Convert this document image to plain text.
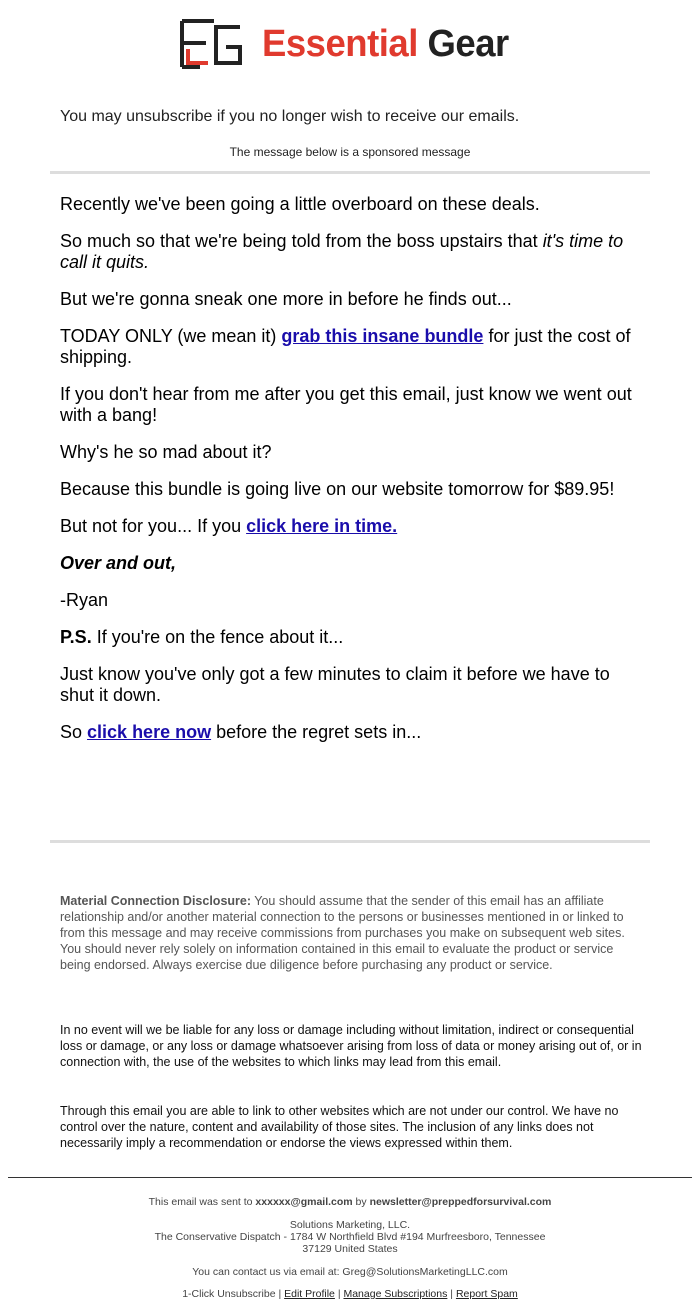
Essential Gear

You may unsubscribe if you no longer wish to receive our emails.

The message below is a sponsored message

Recently we've been going a little overboard on these deals.

So much so that we're being told from the boss upstairs that it's time to call it quits.

But we're gonna sneak one more in before he finds out...

TODAY ONLY (we mean it) grab this insane bundle for just the cost of shipping.

If you don't hear from me after you get this email, just know we went out with a bang!

Why's he so mad about it?

Because this bundle is going live on our website tomorrow for $89.95!

But not for you... If you click here in time.

Over and out,

-Ryan

P.S. If you're on the fence about it...

Just know you've only got a few minutes to claim it before we have to shut it down.

So click here now before the regret sets in...

Material Connection Disclosure: You should assume that the sender of this email has an affiliate relationship and/or another material connection to the persons or businesses mentioned in or linked to from this message and may receive commissions from purchases you make on subsequent web sites. You should never rely solely on information contained in this email to evaluate the product or service being endorsed. Always exercise due diligence before purchasing any product or service.

In no event will we be liable for any loss or damage including without limitation, indirect or consequential loss or damage, or any loss or damage whatsoever arising from loss of data or money arising out of, or in connection with, the use of the websites to which links may lead from this email.

Through this email you are able to link to other websites which are not under our control. We have no control over the nature, content and availability of those sites. The inclusion of any links does not necessarily imply a recommendation or endorse the views expressed within them.

This email was sent to xxxxxx@gmail.com by newsletter@preppedforsurvival.com

Solutions Marketing, LLC.
The Conservative Dispatch - 1784 W Northfield Blvd #194 Murfreesboro, Tennessee
37129 United States

You can contact us via email at: Greg@SolutionsMarketingLLC.com

1-Click Unsubscribe | Edit Profile | Manage Subscriptions | Report Spam
